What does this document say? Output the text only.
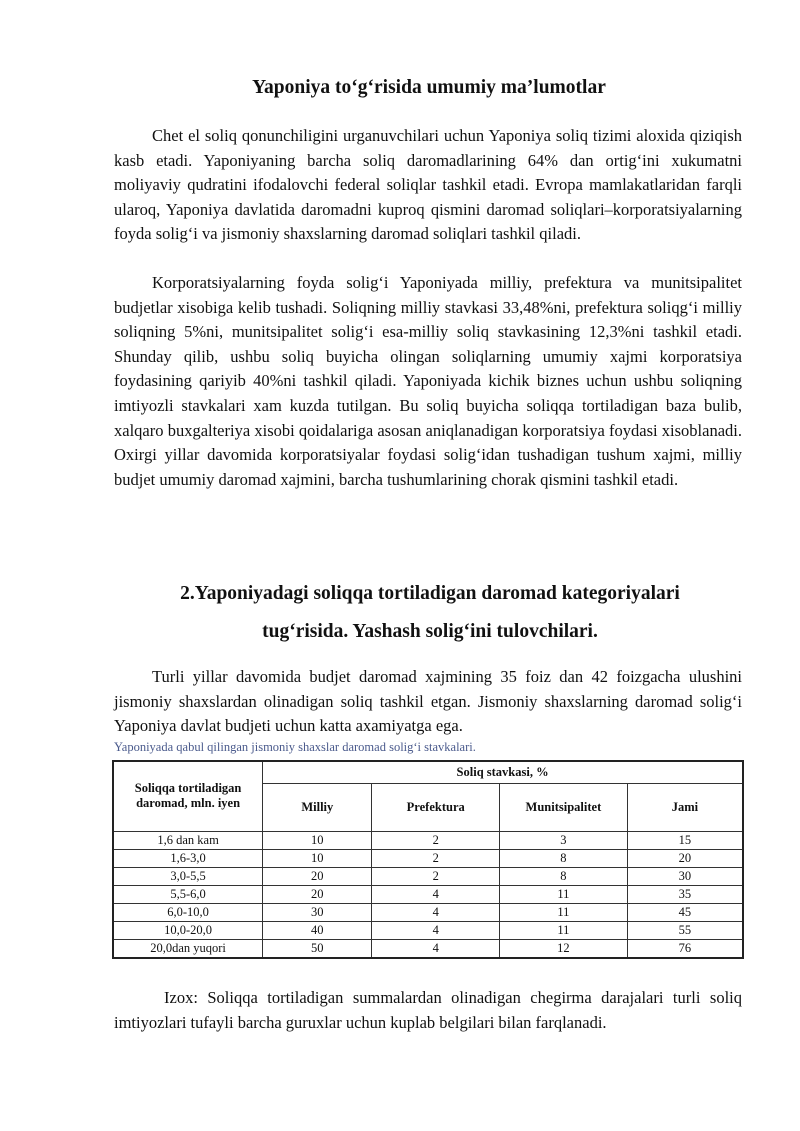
Yaponiya to‘g‘risida umumiy ma’lumotlar

Chet el soliq qonunchiligini urganuvchilari uchun Yaponiya soliq tizimi aloxida qiziqish kasb etadi. Yaponiyaning barcha soliq daromadlarining 64% dan ortig‘ini xukumatni moliyaviy qudratini ifodalovchi federal soliqlar tashkil etadi. Evropa mamlakatlaridan farqli ularoq, Yaponiya davlatida daromadni kuproq qismini daromad soliqlari–korporatsiyalarning foyda solig‘i va jismoniy shaxslarning daromad soliqlari tashkil qiladi.

Korporatsiyalarning foyda solig‘i Yaponiyada milliy, prefektura va munitsipalitet budjetlar xisobiga kelib tushadi. Soliqning milliy stavkasi 33,48%ni, prefektura soliqg‘i milliy soliqning 5%ni, munitsipalitet solig‘i esa-milliy soliq stavkasining 12,3%ni tashkil etadi. Shunday qilib, ushbu soliq buyicha olingan soliqlarning umumiy xajmi korporatsiya foydasining qariyib 40%ni tashkil qiladi. Yaponiyada kichik biznes uchun ushbu soliqning imtiyozli stavkalari xam kuzda tutilgan. Bu soliq buyicha soliqqa tortiladigan baza bulib, xalqaro buxgalteriya xisobi qoidalariga asosan aniqlanadigan korporatsiya foydasi xisoblanadi. Oxirgi yillar davomida korporatsiyalar foydasi solig‘idan tushadigan tushum xajmi, milliy budjet umumiy daromad xajmini, barcha tushumlarining chorak qismini tashkil etadi.

2.Yaponiyadagi soliqqa tortiladigan daromad kategoriyalari

tug‘risida. Yashash solig‘ini tulovchilari.

Turli yillar davomida budjet daromad xajmining 35 foiz dan 42 foizgacha ulushini jismoniy shaxslardan olinadigan soliq tashkil etgan. Jismoniy shaxslarning daromad solig‘i Yaponiya davlat budjeti uchun katta axamiyatga ega.

Yaponiyada qabul qilingan jismoniy shaxslar daromad solig‘i stavkalari.
Soliqqa tortiladigan daromad, mln. iyen	Soliq stavkasi, %			
	Milliy	Prefektura	Munitsipalitet	Jami
1,6 dan kam	10	2	3	15
1,6-3,0	10	2	8	20
3,0-5,5	20	2	8	30
5,5-6,0	20	4	11	35
6,0-10,0	30	4	11	45
10,0-20,0	40	4	11	55
20,0dan yuqori	50	4	12	76

Izox: Soliqqa tortiladigan summalardan olinadigan chegirma darajalari turli soliq imtiyozlari tufayli barcha guruxlar uchun kuplab belgilari bilan farqlanadi.
